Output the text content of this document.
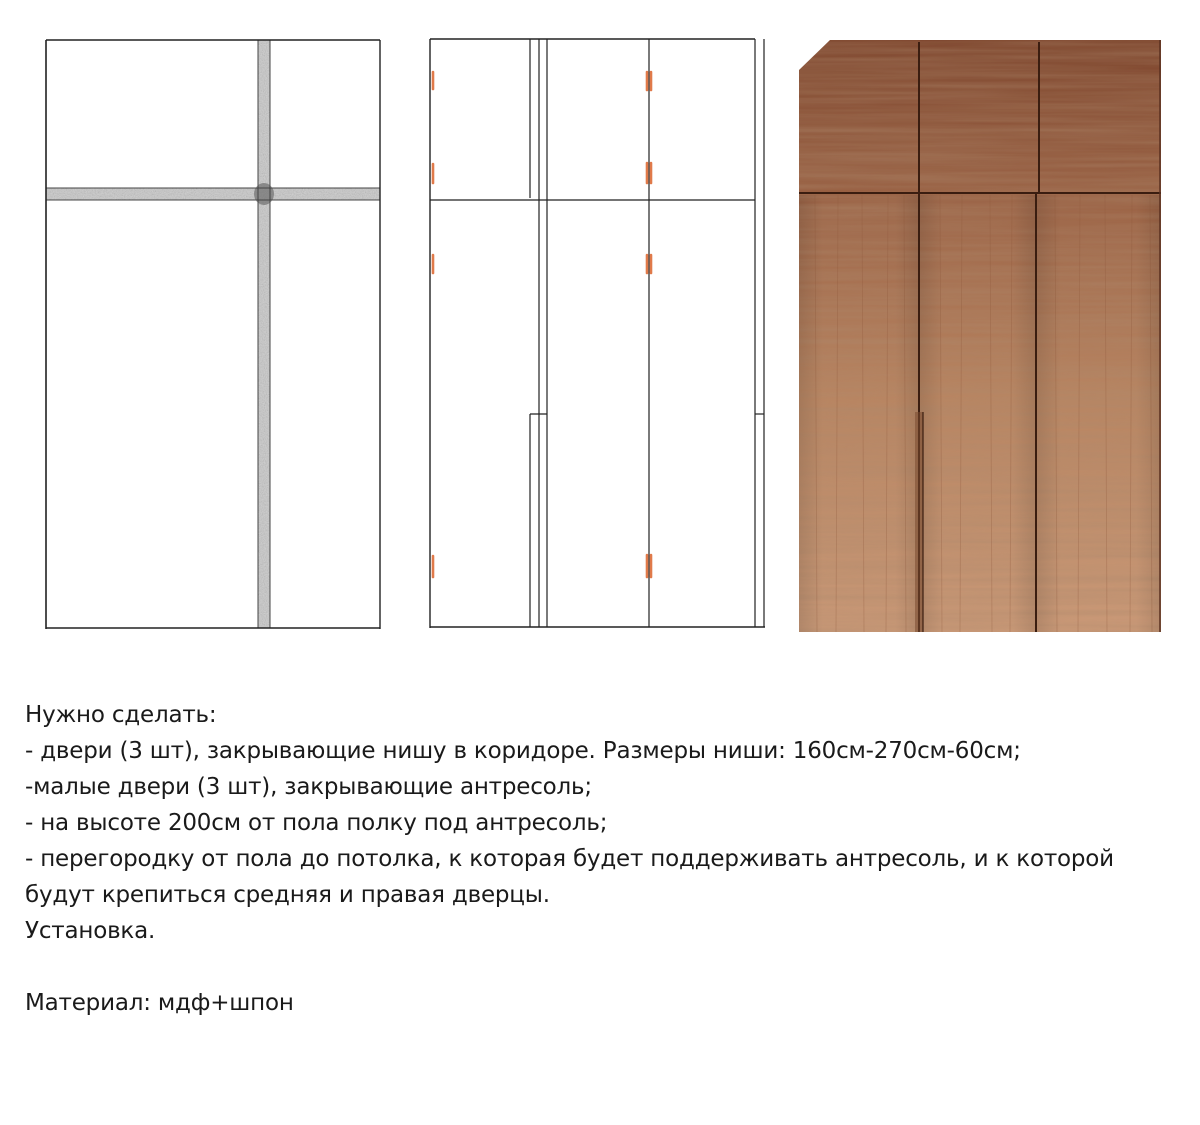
Нужно сделать:
- двери (3 шт), закрывающие нишу в коридоре. Размеры ниши: 160см-270см-60см;
-малые двери (3 шт), закрывающие антресоль;
- на высоте 200см от пола полку под антресоль;
- перегородку от пола до потолка, к которая будет поддерживать антресоль, и к которой
будут крепиться средняя и правая дверцы.
Установка.
Материал: мдф+шпон
